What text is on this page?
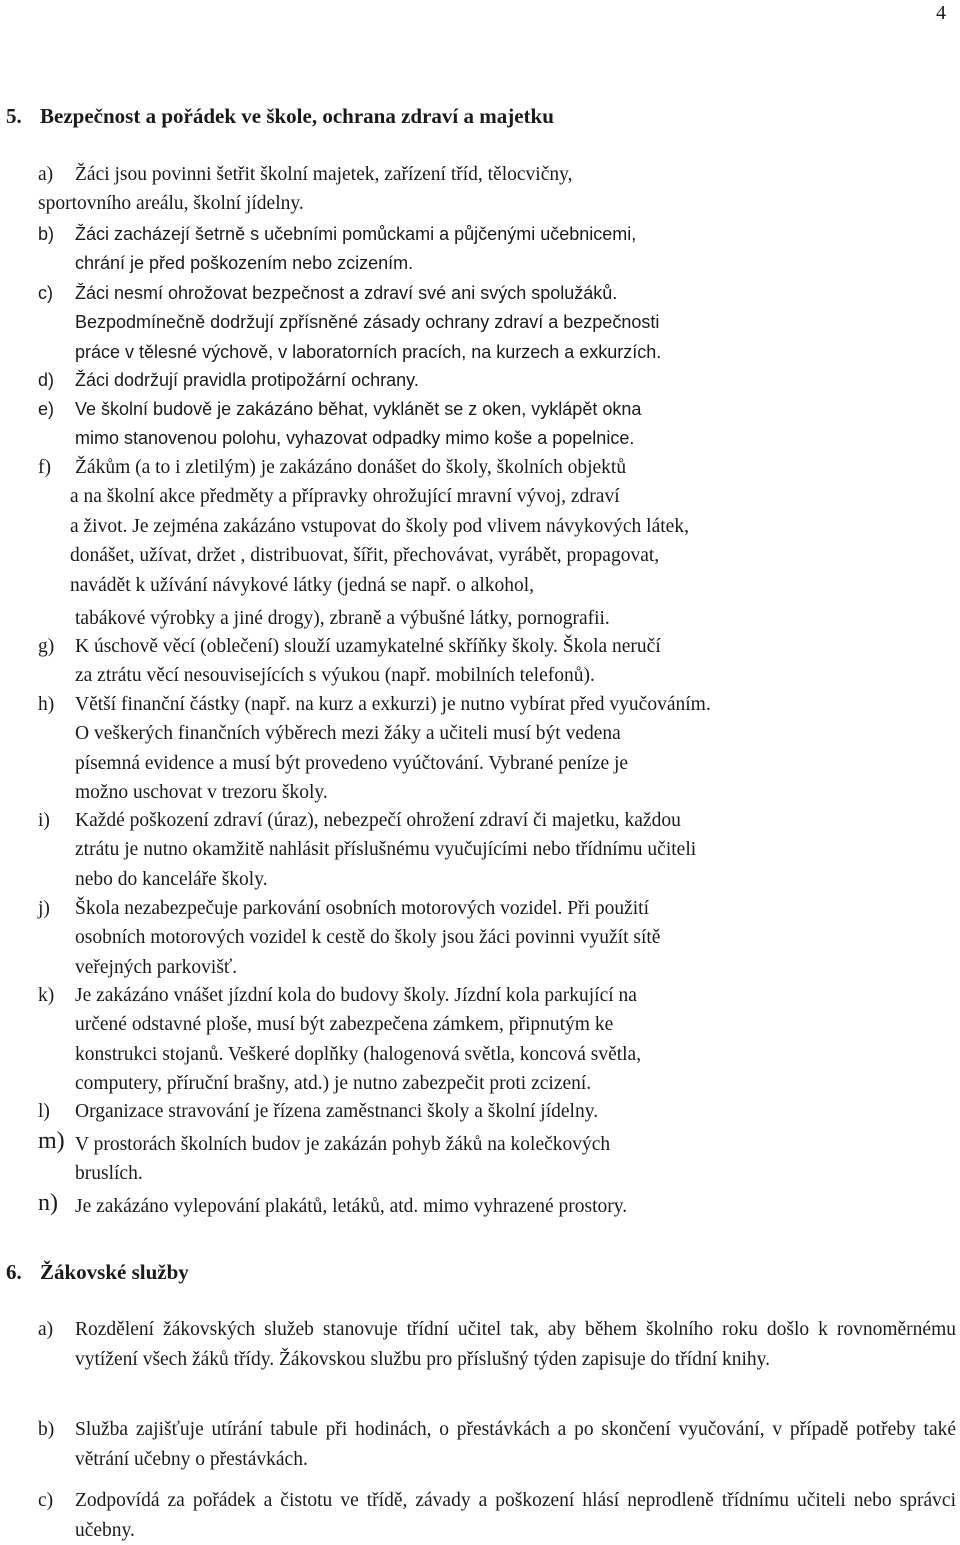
4
5. Bezpečnost a pořádek ve škole, ochrana zdraví a majetku
a) Žáci jsou povinni šetřit školní majetek, zařízení tříd, tělocvičny,
sportovního areálu, školní jídelny.
b) Žáci zacházejí šetrně s učebními pomůckami a půjčenými učebnicemi,
chrání je před poškozením nebo zcizením.
c) Žáci nesmí ohrožovat bezpečnost a zdraví své ani svých spolužáků.
Bezpodmínečně dodržují zpřísněné zásady ochrany zdraví a bezpečnosti
práce v tělesné výchově, v laboratorních pracích, na kurzech a exkurzích.
d) Žáci dodržují pravidla protipožární ochrany.
e) Ve školní budově je zakázáno běhat, vyklánět se z oken, vyklápět okna
mimo stanovenou polohu, vyhazovat odpadky mimo koše a popelnice.
f) Žákům (a to i zletilým) je zakázáno donášet do školy, školních objektů
a na školní akce předměty a přípravky ohrožující mravní vývoj, zdraví
a život. Je zejména zakázáno vstupovat do školy pod vlivem návykových látek,
donášet, užívat, držet , distribuovat, šířit, přechovávat, vyrábět, propagovat,
navádět k užívání návykové látky (jedná se např. o alkohol,
tabákové výrobky a jiné drogy), zbraně a výbušné látky, pornografii.
g) K úschově věcí (oblečení) slouží uzamykatelné skříňky školy. Škola neručí
za ztrátu věcí nesouvisejících s výukou (např. mobilních telefonů).
h) Větší finanční částky (např. na kurz a exkurzi) je nutno vybírat před vyučováním.
O veškerých finančních výběrech mezi žáky a učiteli musí být vedena
písemná evidence a musí být provedeno vyúčtování. Vybrané peníze je
možno uschovat v trezoru školy.
i) Každé poškození zdraví (úraz), nebezpečí ohrožení zdraví či majetku, každou
ztrátu je nutno okamžitě nahlásit příslušnému vyučujícími nebo třídnímu učiteli
nebo do kanceláře školy.
j) Škola nezabezpečuje parkování osobních motorových vozidel. Při použití
osobních motorových vozidel k cestě do školy jsou žáci povinni využít sítě
veřejných parkovišť.
k) Je zakázáno vnášet jízdní kola do budovy školy. Jízdní kola parkující na
určené odstavné ploše, musí být zabezpečena zámkem, připnutým ke
konstrukci stojanů. Veškeré doplňky (halogenová světla, koncová světla,
computery, příruční brašny, atd.) je nutno zabezpečit proti zcizení.
l) Organizace stravování je řízena zaměstnanci školy a školní jídelny.
m) V prostorách školních budov je zakázán pohyb žáků na kolečkových
bruslích.
n) Je zakázáno vylepování plakátů, letáků, atd. mimo vyhrazené prostory.
6. Žákovské služby
a)	Rozdělení žákovských služeb stanovuje třídní učitel tak, aby během školního roku došlo k rovnoměrnému vytížení všech žáků třídy. Žákovskou službu pro příslušný týden zapisuje do třídní knihy.
b)	Služba zajišťuje utírání tabule při hodinách, o přestávkách a po skončení vyučování, v případě potřeby také větrání učebny o přestávkách.
c)	Zodpovídá za pořádek a čistotu ve třídě, závady a poškození hlásí neprodleně třídnímu učiteli nebo správci učebny.
